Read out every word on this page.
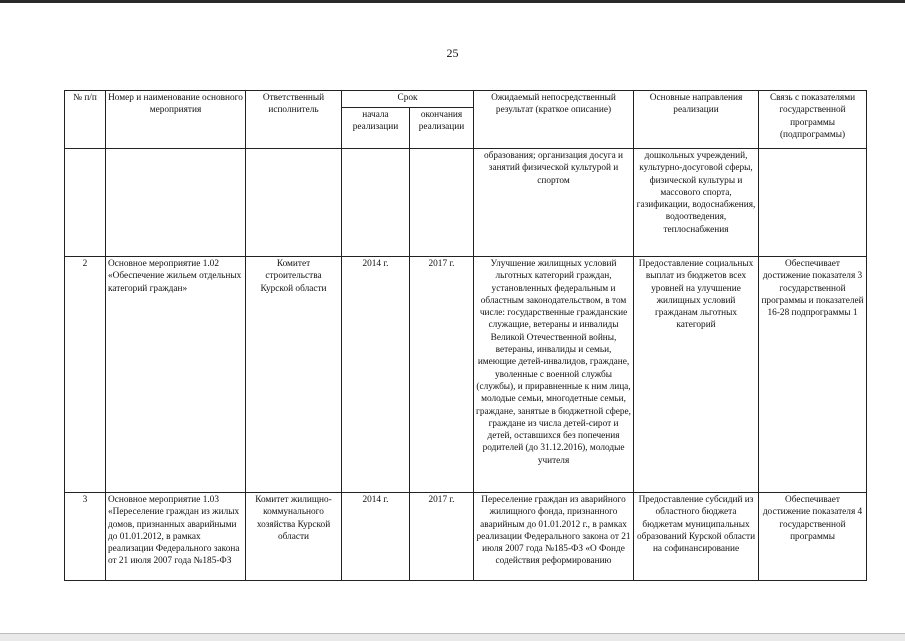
25
№ п/п	Номер и наименование основного мероприятия	Ответственный исполнитель	Срок		Ожидаемый непосредственный результат (краткое описание)	Основные направления реализации	Связь с показателями государственной программы (подпрограммы)
			начала реализации	окончания реализации			
					образования; организация досуга и занятий физической культурой и спортом	дошкольных учреждений, культурно-досуговой сферы, физической культуры и массового спорта, газификации, водоснабжения, водоотведения, теплоснабжения	
2	Основное мероприятие 1.02 «Обеспечение жильем отдельных категорий граждан»	Комитет строительства Курской области	2014 г.	2017 г.	Улучшение жилищных условий льготных категорий граждан, установленных федеральным и областным законодательством, в том числе: государственные гражданские служащие, ветераны и инвалиды Великой Отечественной войны, ветераны, инвалиды и семьи, имеющие детей-инвалидов, граждане, уволенные с военной службы (службы), и приравненные к ним лица, молодые семьи, многодетные семьи, граждане, занятые в бюджетной сфере, граждане из числа детей-сирот и детей, оставшихся без попечения родителей (до 31.12.2016), молодые учителя	Предоставление социальных выплат из бюджетов всех уровней на улучшение жилищных условий гражданам льготных категорий	Обеспечивает достижение показателя 3 государственной программы и показателей 16-28 подпрограммы 1
3	Основное мероприятие 1.03 «Переселение граждан из жилых домов, признанных аварийными до 01.01.2012, в рамках реализации Федерального закона от 21 июля 2007 года №185-ФЗ	Комитет жилищно-коммунального хозяйства Курской области	2014 г.	2017 г.	Переселение граждан из аварийного жилищного фонда, признанного аварийным до 01.01.2012 г., в рамках реализации Федерального закона от 21 июля 2007 года №185-ФЗ «О Фонде содействия реформированию	Предоставление субсидий из областного бюджета бюджетам муниципальных образований Курской области на софинансирование	Обеспечивает достижение показателя 4 государственной программы
